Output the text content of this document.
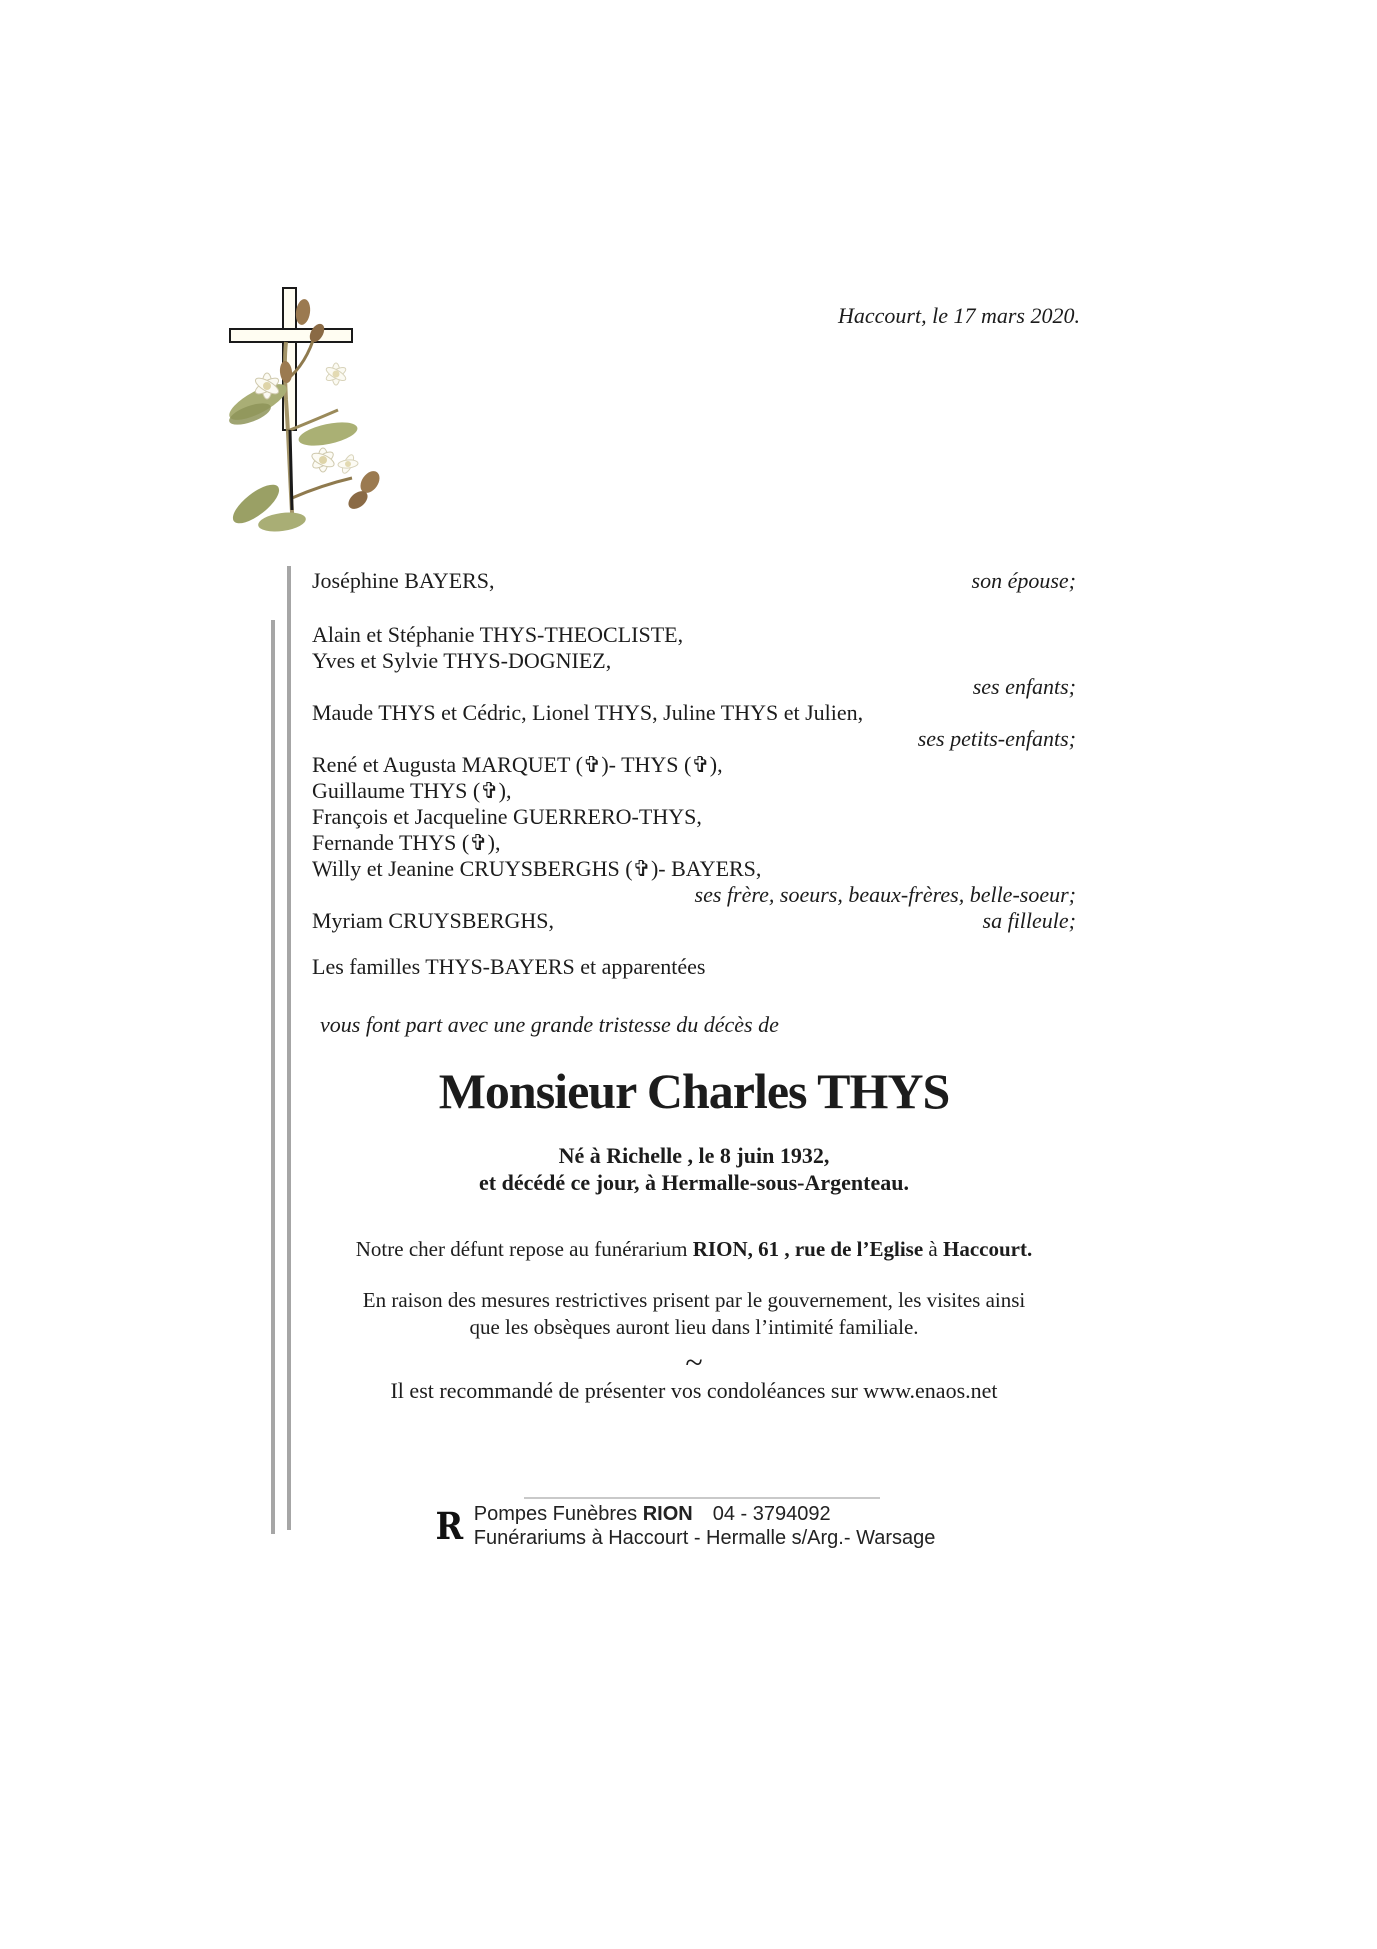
Haccourt, le 17 mars 2020.
Joséphine BAYERS,	son épouse;
Alain et Stéphanie THYS-THEOCLISTE,
Yves et Sylvie THYS-DOGNIEZ,
ses enfants;
Maude THYS et Cédric, Lionel THYS, Juline THYS et Julien,
ses petits-enfants;
René et Augusta MARQUET (✞)- THYS (✞),
Guillaume THYS (✞),
François et Jacqueline GUERRERO-THYS,
Fernande THYS (✞),
Willy et Jeanine CRUYSBERGHS (✞)- BAYERS,
ses frère, soeurs, beaux-frères, belle-soeur;
Myriam CRUYSBERGHS,	sa filleule;
Les familles THYS-BAYERS et apparentées
vous font part avec une grande tristesse du décès de
Monsieur Charles THYS
Né à Richelle , le 8 juin 1932,
et décédé ce jour, à Hermalle-sous-Argenteau.
Notre cher défunt repose au funérarium RION, 61 , rue de l’Eglise à Haccourt.
En raison des mesures restrictives prisent par le gouvernement, les visites ainsi
que les obsèques auront lieu dans l’intimité familiale.
~
Il est recommandé de présenter vos condoléances sur www.enaos.net
R Pompes Funèbres RION 04 - 3794092
Funérariums à Haccourt - Hermalle s/Arg.- Warsage
